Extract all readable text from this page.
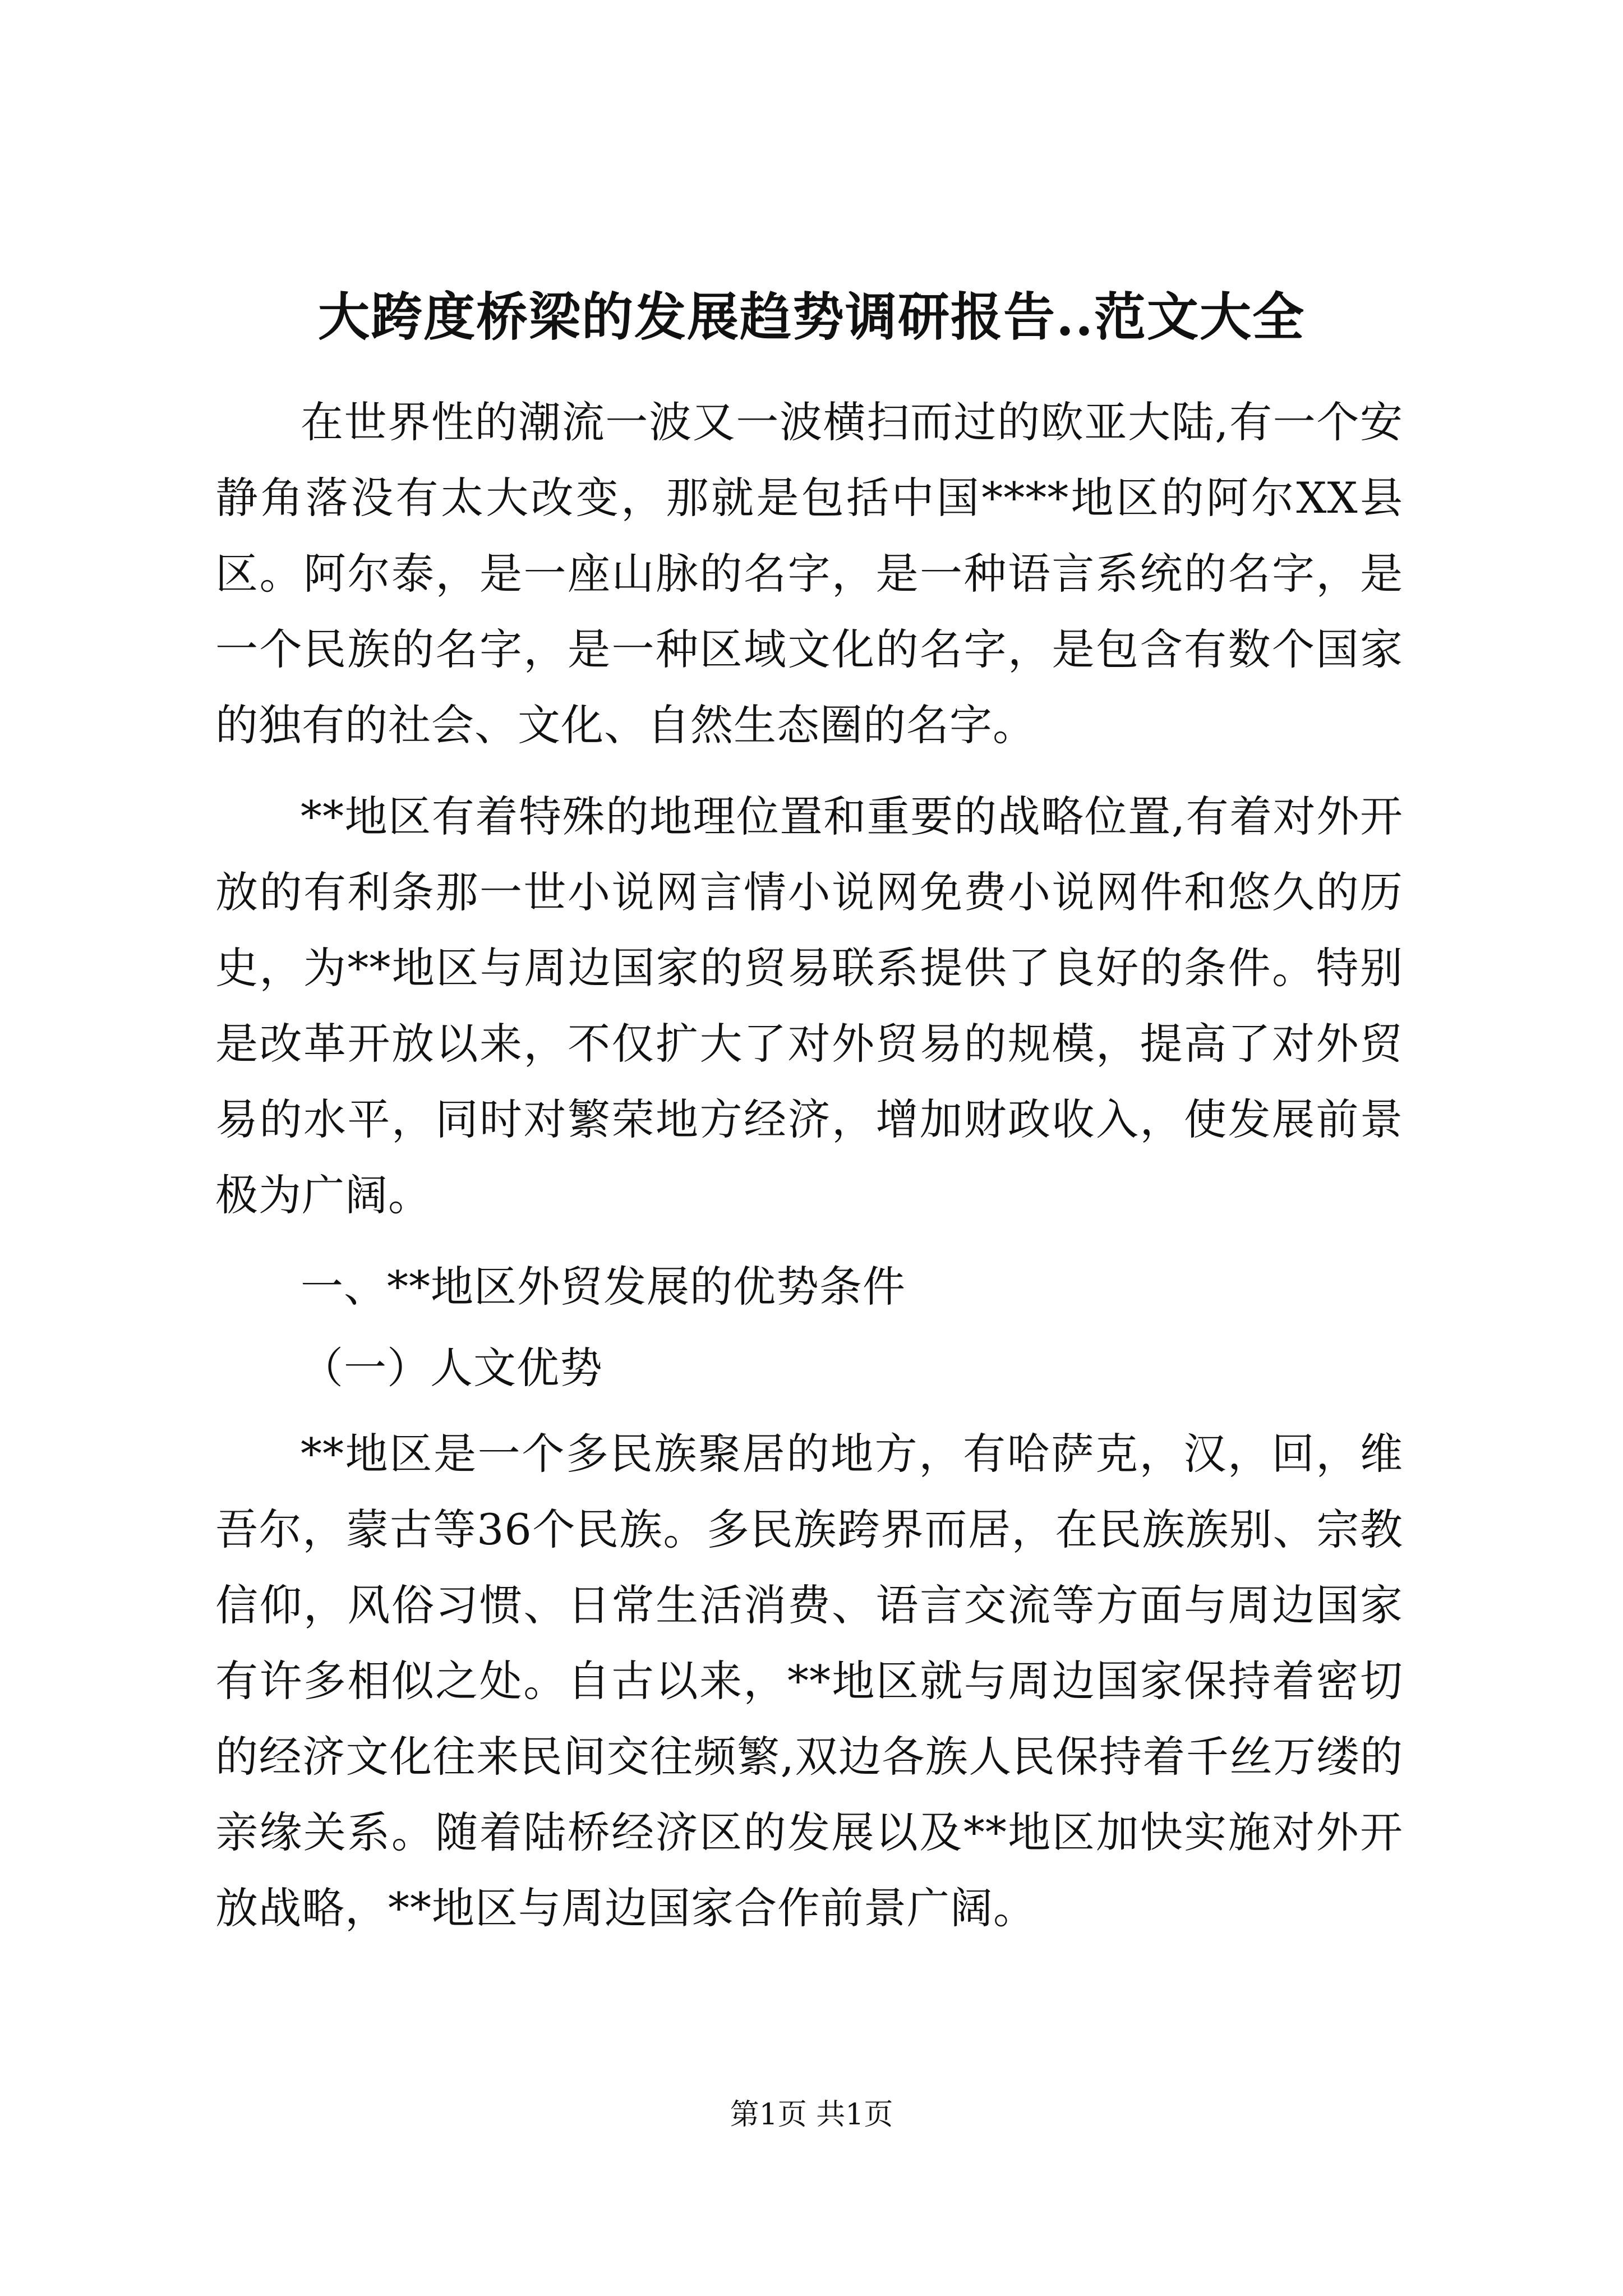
大跨度桥梁的发展趋势调研报告..范文大全

在世界性的潮流一波又一波横扫而过的欧亚大陆,有一个安静角落没有太大改变，那就是包括中国****地区的阿尔XX县区。阿尔泰，是一座山脉的名字，是一种语言系统的名字，是一个民族的名字，是一种区域文化的名字，是包含有数个国家的独有的社会、文化、自然生态圈的名字。

**地区有着特殊的地理位置和重要的战略位置,有着对外开放的有利条那一世小说网言情小说网免费小说网件和悠久的历史，为**地区与周边国家的贸易联系提供了良好的条件。特别是改革开放以来，不仅扩大了对外贸易的规模，提高了对外贸易的水平，同时对繁荣地方经济，增加财政收入，使发展前景极为广阔。

一、**地区外贸发展的优势条件
（一）人文优势

**地区是一个多民族聚居的地方，有哈萨克，汉，回，维吾尔，蒙古等36个民族。多民族跨界而居，在民族族别、宗教信仰，风俗习惯、日常生活消费、语言交流等方面与周边国家有许多相似之处。自古以来，**地区就与周边国家保持着密切的经济文化往来民间交往频繁,双边各族人民保持着千丝万缕的亲缘关系。随着陆桥经济区的发展以及**地区加快实施对外开放战略，**地区与周边国家合作前景广阔。

第1页 共1页
